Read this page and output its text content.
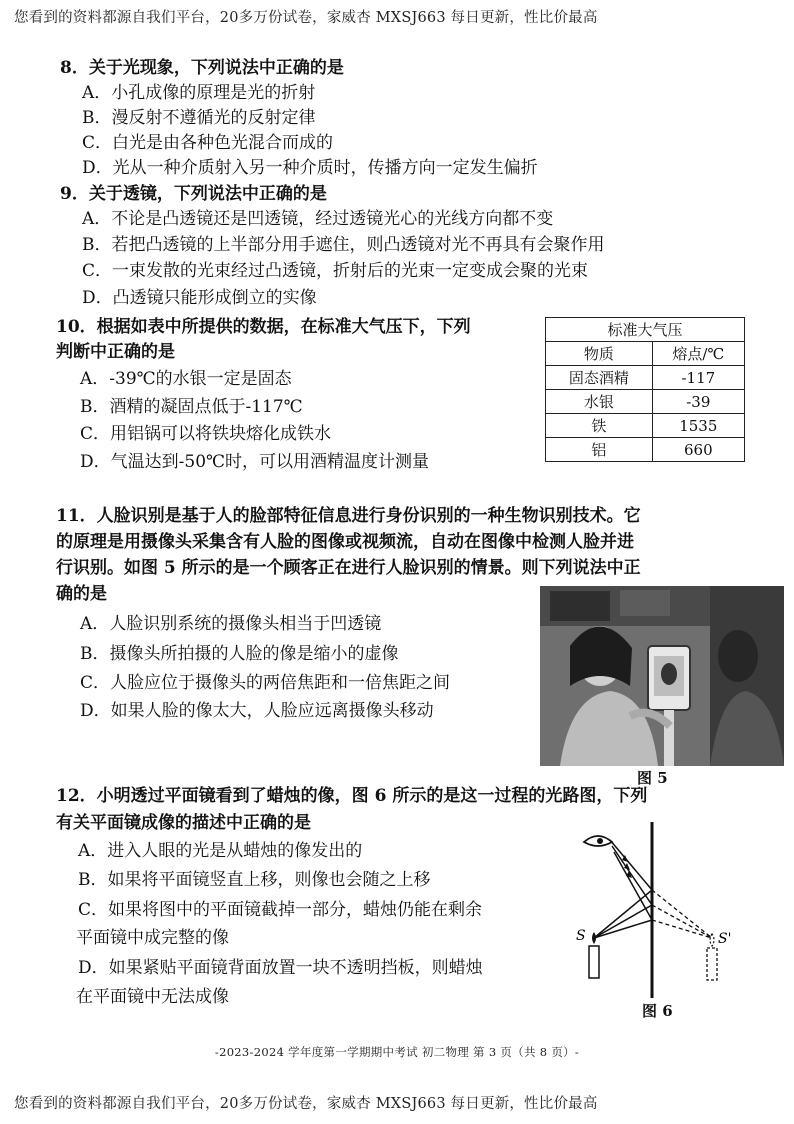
您看到的资料都源自我们平台，20多万份试卷，家威杏 MXSJ663 每日更新，性比价最高
8．关于光现象，下列说法中正确的是
A．小孔成像的原理是光的折射
B．漫反射不遵循光的反射定律
C．白光是由各种色光混合而成的
D．光从一种介质射入另一种介质时，传播方向一定发生偏折
9．关于透镜，下列说法中正确的是
A．不论是凸透镜还是凹透镜，经过透镜光心的光线方向都不变
B．若把凸透镜的上半部分用手遮住，则凸透镜对光不再具有会聚作用
C．一束发散的光束经过凸透镜，折射后的光束一定变成会聚的光束
D．凸透镜只能形成倒立的实像
10．根据如表中所提供的数据，在标准大气压下，下列
判断中正确的是
A．-39℃的水银一定是固态
B．酒精的凝固点低于-117℃
C．用铝锅可以将铁块熔化成铁水
D．气温达到-50℃时，可以用酒精温度计测量
标准大气压	
物质	熔点/℃
固态酒精	-117
水银	-39
铁	1535
铝	660
11．人脸识别是基于人的脸部特征信息进行身份识别的一种生物识别技术。它
的原理是用摄像头采集含有人脸的图像或视频流，自动在图像中检测人脸并进
行识别。如图 5 所示的是一个顾客正在进行人脸识别的情景。则下列说法中正
确的是
A．人脸识别系统的摄像头相当于凹透镜
B．摄像头所拍摄的人脸的像是缩小的虚像
C．人脸应位于摄像头的两倍焦距和一倍焦距之间
D．如果人脸的像太大，人脸应远离摄像头移动
图 5
12．小明透过平面镜看到了蜡烛的像，图 6 所示的是这一过程的光路图，下列
有关平面镜成像的描述中正确的是
A．进入人眼的光是从蜡烛的像发出的
B．如果将平面镜竖直上移，则像也会随之上移
C．如果将图中的平面镜截掉一部分，蜡烛仍能在剩余
平面镜中成完整的像
D．如果紧贴平面镜背面放置一块不透明挡板，则蜡烛
在平面镜中无法成像
S	S'
图 6
-2023-2024 学年度第一学期期中考试 初二物理 第 3 页（共 8 页）-
您看到的资料都源自我们平台，20多万份试卷，家威杏 MXSJ663 每日更新，性比价最高
